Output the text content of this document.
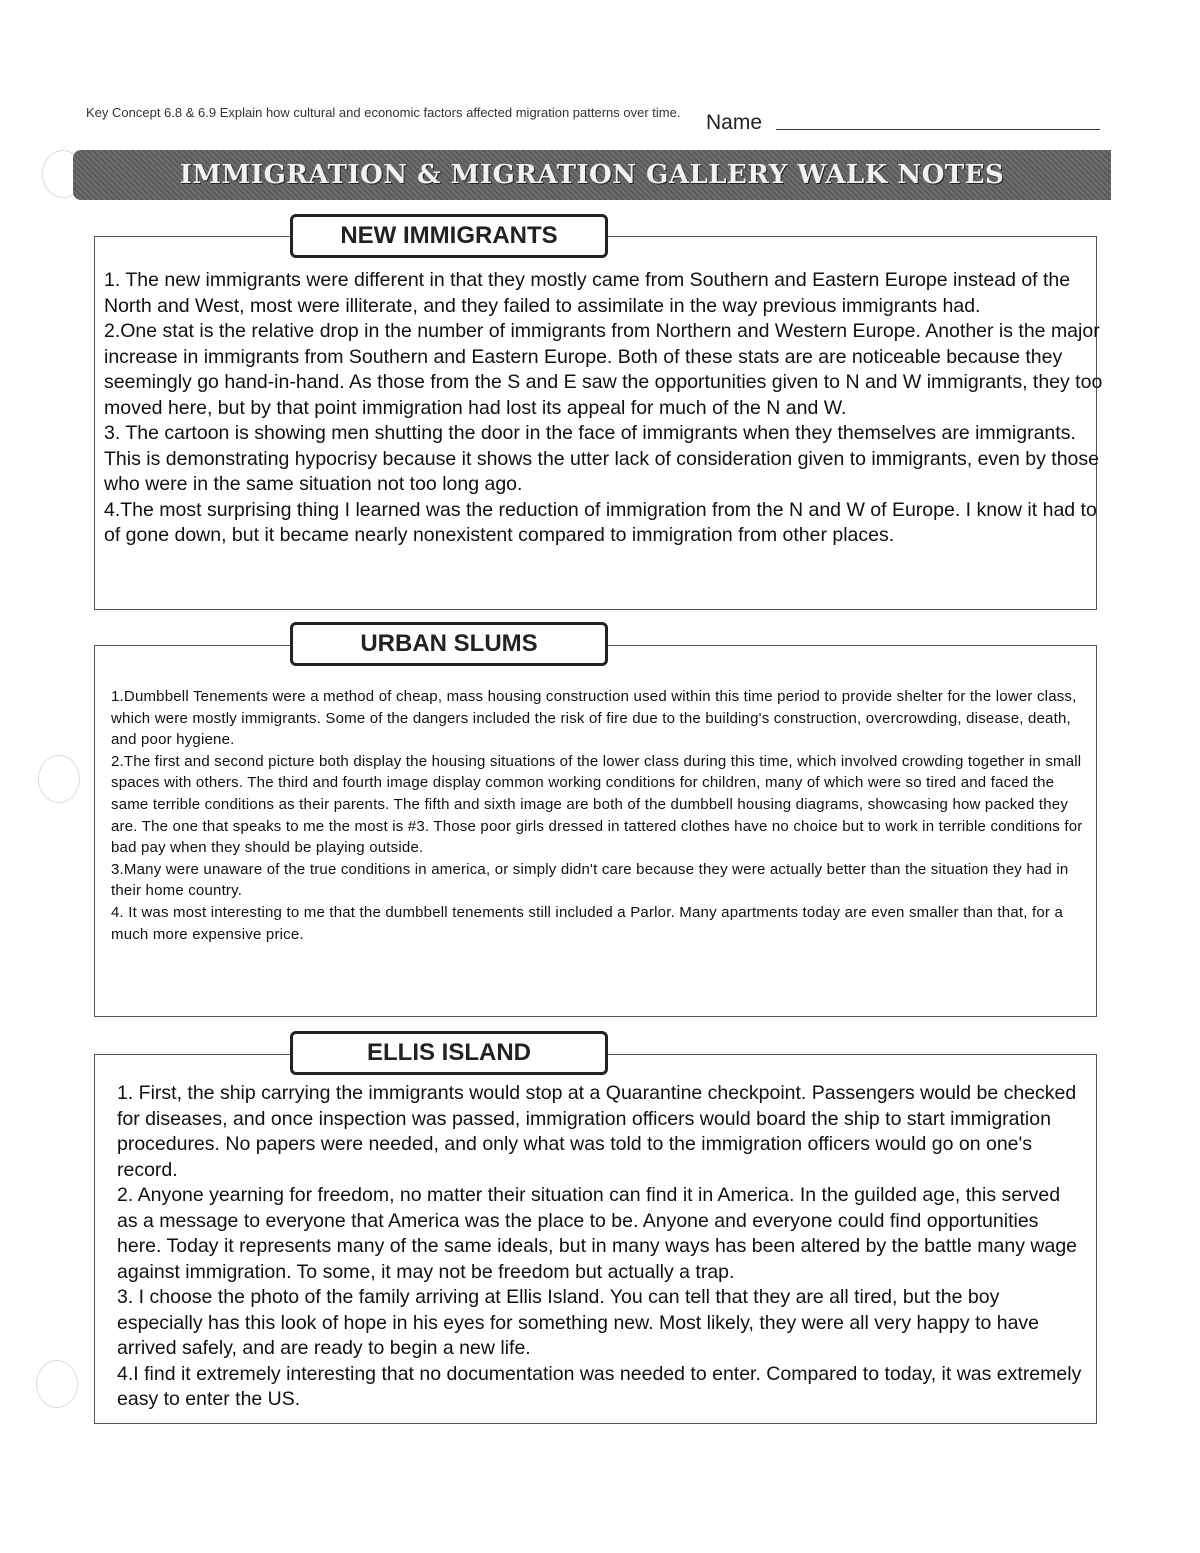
Key Concept 6.8 & 6.9 Explain how cultural and economic factors affected migration patterns over time. Name
IMMIGRATION & MIGRATION GALLERY WALK NOTES
NEW IMMIGRANTS

1. The new immigrants were different in that they mostly came from Southern and Eastern Europe instead of the North and West, most were illiterate, and they failed to assimilate in the way previous immigrants had.

2.One stat is the relative drop in the number of immigrants from Northern and Western Europe. Another is the major increase in immigrants from Southern and Eastern Europe. Both of these stats are are noticeable because they seemingly go hand-in-hand. As those from the S and E saw the opportunities given to N and W immigrants, they too moved here, but by that point immigration had lost its appeal for much of the N and W.

3. The cartoon is showing men shutting the door in the face of immigrants when they themselves are immigrants. This is demonstrating hypocrisy because it shows the utter lack of consideration given to immigrants, even by those who were in the same situation not too long ago.

4.The most surprising thing I learned was the reduction of immigration from the N and W of Europe. I know it had to of gone down, but it became nearly nonexistent compared to immigration from other places.

URBAN SLUMS

1.Dumbbell Tenements were a method of cheap, mass housing construction used within this time period to provide shelter for the lower class, which were mostly immigrants. Some of the dangers included the risk of fire due to the building's construction, overcrowding, disease, death, and poor hygiene.

2.The first and second picture both display the housing situations of the lower class during this time, which involved crowding together in small spaces with others. The third and fourth image display common working conditions for children, many of which were so tired and faced the same terrible conditions as their parents. The fifth and sixth image are both of the dumbbell housing diagrams, showcasing how packed they are. The one that speaks to me the most is #3. Those poor girls dressed in tattered clothes have no choice but to work in terrible conditions for bad pay when they should be playing outside.

3.Many were unaware of the true conditions in america, or simply didn't care because they were actually better than the situation they had in their home country.

4. It was most interesting to me that the dumbbell tenements still included a Parlor. Many apartments today are even smaller than that, for a much more expensive price.

ELLIS ISLAND

1. First, the ship carrying the immigrants would stop at a Quarantine checkpoint. Passengers would be checked for diseases, and once inspection was passed, immigration officers would board the ship to start immigration procedures. No papers were needed, and only what was told to the immigration officers would go on one's record.

2. Anyone yearning for freedom, no matter their situation can find it in America. In the guilded age, this served as a message to everyone that America was the place to be. Anyone and everyone could find opportunities here. Today it represents many of the same ideals, but in many ways has been altered by the battle many wage against immigration. To some, it may not be freedom but actually a trap.

3. I choose the photo of the family arriving at Ellis Island. You can tell that they are all tired, but the boy especially has this look of hope in his eyes for something new. Most likely, they were all very happy to have arrived safely, and are ready to begin a new life.

4.I find it extremely interesting that no documentation was needed to enter. Compared to today, it was extremely easy to enter the US.
